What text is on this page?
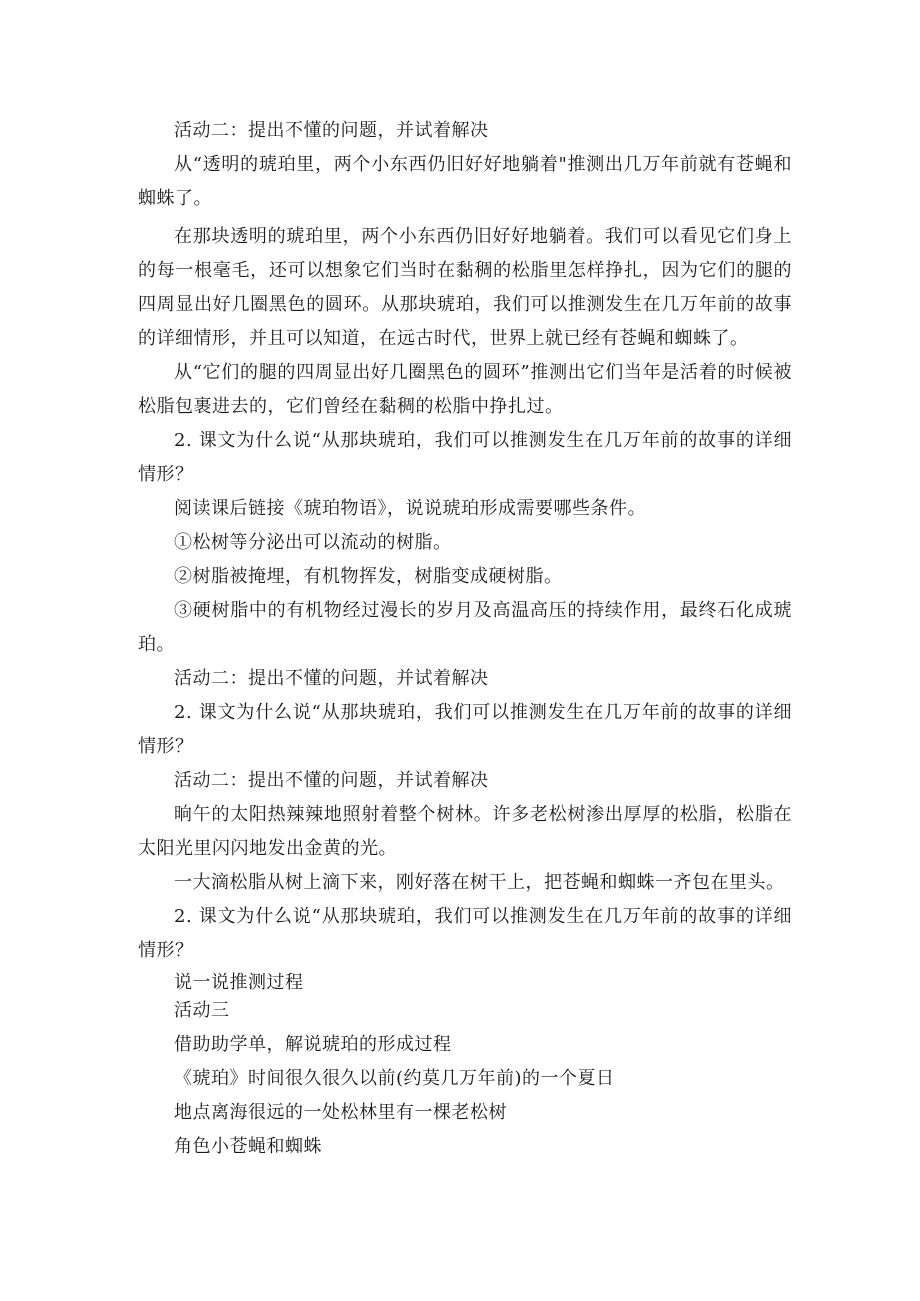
活动二：提出不懂的问题，并试着解决

从“透明的琥珀里，两个小东西仍旧好好地躺着"推测出几万年前就有苍蝇和蜘蛛了。

在那块透明的琥珀里，两个小东西仍旧好好地躺着。我们可以看见它们身上的每一根毫毛，还可以想象它们当时在黏稠的松脂里怎样挣扎，因为它们的腿的四周显出好几圈黑色的圆环。从那块琥珀，我们可以推测发生在几万年前的故事的详细情形，并且可以知道，在远古时代，世界上就已经有苍蝇和蜘蛛了。

从“它们的腿的四周显出好几圈黑色的圆环”推测出它们当年是活着的时候被松脂包裹进去的，它们曾经在黏稠的松脂中挣扎过。

2. 课文为什么说“从那块琥珀，我们可以推测发生在几万年前的故事的详细情形？

阅读课后链接《琥珀物语》，说说琥珀形成需要哪些条件。

①松树等分泌出可以流动的树脂。

②树脂被掩埋，有机物挥发，树脂变成硬树脂。

③硬树脂中的有机物经过漫长的岁月及高温高压的持续作用，最终石化成琥珀。

活动二：提出不懂的问题，并试着解决

2. 课文为什么说“从那块琥珀，我们可以推测发生在几万年前的故事的详细情形？

活动二：提出不懂的问题，并试着解决

晌午的太阳热辣辣地照射着整个树林。许多老松树渗出厚厚的松脂，松脂在太阳光里闪闪地发出金黄的光。

一大滴松脂从树上滴下来，刚好落在树干上，把苍蝇和蜘蛛一齐包在里头。

2. 课文为什么说“从那块琥珀，我们可以推测发生在几万年前的故事的详细情形？

说一说推测过程

活动三

借助助学单，解说琥珀的形成过程

《琥珀》时间很久很久以前(约莫几万年前)的一个夏日

地点离海很远的一处松林里有一棵老松树

角色小苍蝇和蜘蛛
